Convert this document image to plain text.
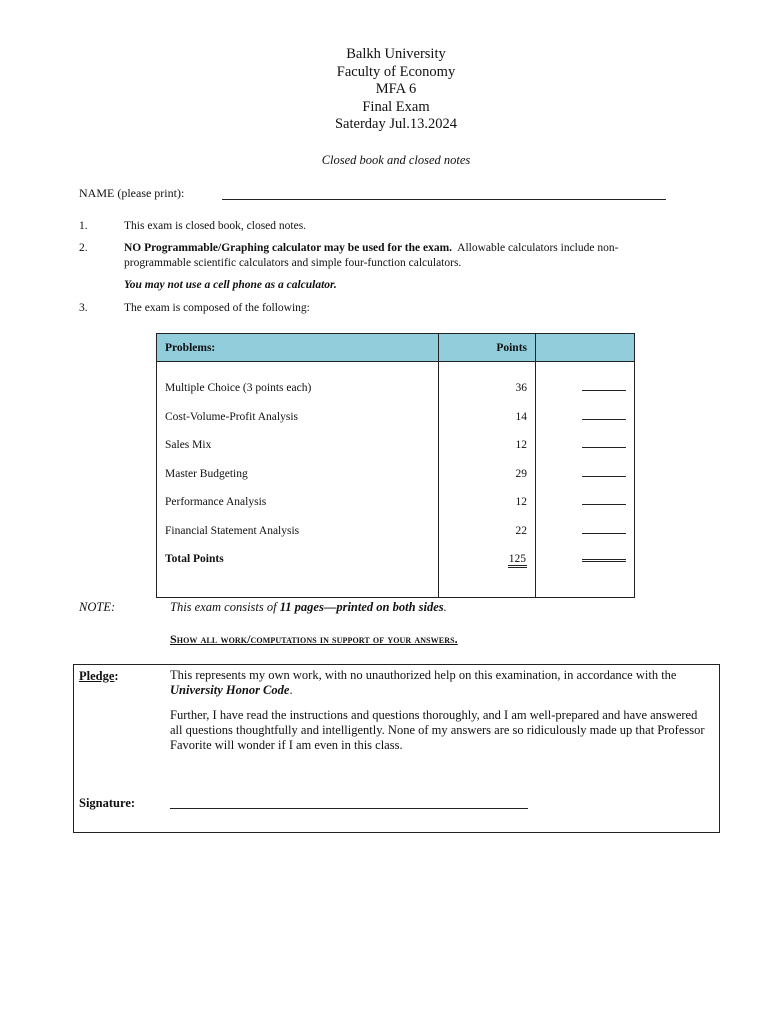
Balkh University
Faculty of Economy
MFA 6
Final Exam
Saterday Jul.13.2024
Closed book and closed notes
NAME (please print):
1.	This exam is closed book, closed notes.
2.	NO Programmable/Graphing calculator may be used for the exam. Allowable calculators include non-programmable scientific calculators and simple four-function calculators.
You may not use a cell phone as a calculator.
3.	The exam is composed of the following:
Problems:	Points	
Multiple Choice (3 points each)	36	
Cost-Volume-Profit Analysis	14	
Sales Mix	12	
Master Budgeting	29	
Performance Analysis	12	
Financial Statement Analysis	22	
Total Points	125	

NOTE:	This exam consists of 11 pages—printed on both sides.
Show all work/computations in support of your answers.
Pledge:	This represents my own work, with no unauthorized help on this examination, in accordance with the University Honor Code.

Further, I have read the instructions and questions thoroughly, and I am well-prepared and have answered all questions thoughtfully and intelligently. None of my answers are so ridiculously made up that Professor Favorite will wonder if I am even in this class.

Signature:
